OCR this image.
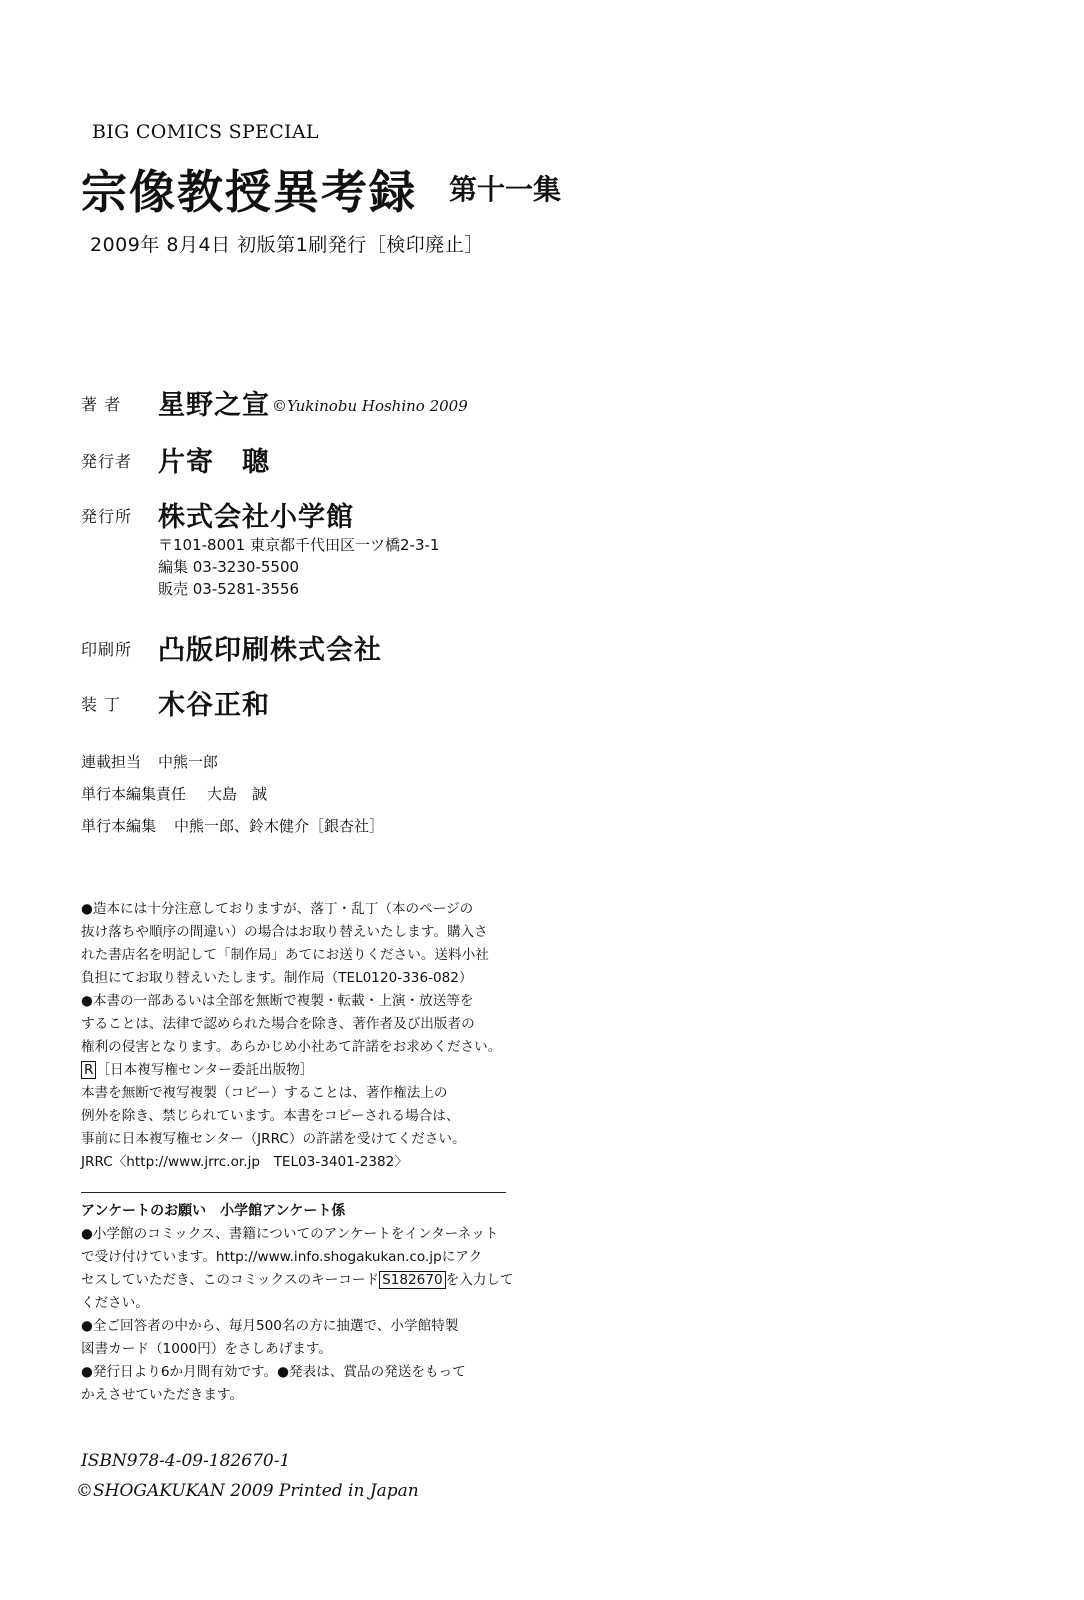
BIG COMICS SPECIAL
宗像教授異考録 第十一集
2009年 8月4日 初版第1刷発行［検印廃止］
著 者 星野之宣 ©Yukinobu Hoshino 2009
発行者 片寄　聰
発行所 株式会社小学館
〒101-8001 東京都千代田区一ツ橋2-3-1
編集 03-3230-5500
販売 03-5281-3556
印刷所 凸版印刷株式会社
装 丁 木谷正和
連載担当 中熊一郎
単行本編集責任 大島　誠
単行本編集 中熊一郎、鈴木健介［銀杏社］
●造本には十分注意しておりますが、落丁・乱丁（本のページの
抜け落ちや順序の間違い）の場合はお取り替えいたします。購入さ
れた書店名を明記して「制作局」あてにお送りください。送料小社
負担にてお取り替えいたします。制作局（TEL0120-336-082）
●本書の一部あるいは全部を無断で複製・転載・上演・放送等を
することは、法律で認められた場合を除き、著作者及び出版者の
権利の侵害となります。あらかじめ小社あて許諾をお求めください。
R ［日本複写権センター委託出版物］
本書を無断で複写複製（コピー）することは、著作権法上の
例外を除き、禁じられています。本書をコピーされる場合は、
事前に日本複写権センター（JRRC）の許諾を受けてください。
JRRC〈http://www.jrrc.or.jp　TEL03-3401-2382〉
アンケートのお願い　小学館アンケート係
●小学館のコミックス、書籍についてのアンケートをインターネット
で受け付けています。http://www.info.shogakukan.co.jpにアク
セスしていただき、このコミックスのキーコード S182670 を入力して
ください。
●全ご回答者の中から、毎月500名の方に抽選で、小学館特製
図書カード（1000円）をさしあげます。
●発行日より6か月間有効です。●発表は、賞品の発送をもって
かえさせていただきます。
ISBN978-4-09-182670-1
©SHOGAKUKAN 2009 Printed in Japan
